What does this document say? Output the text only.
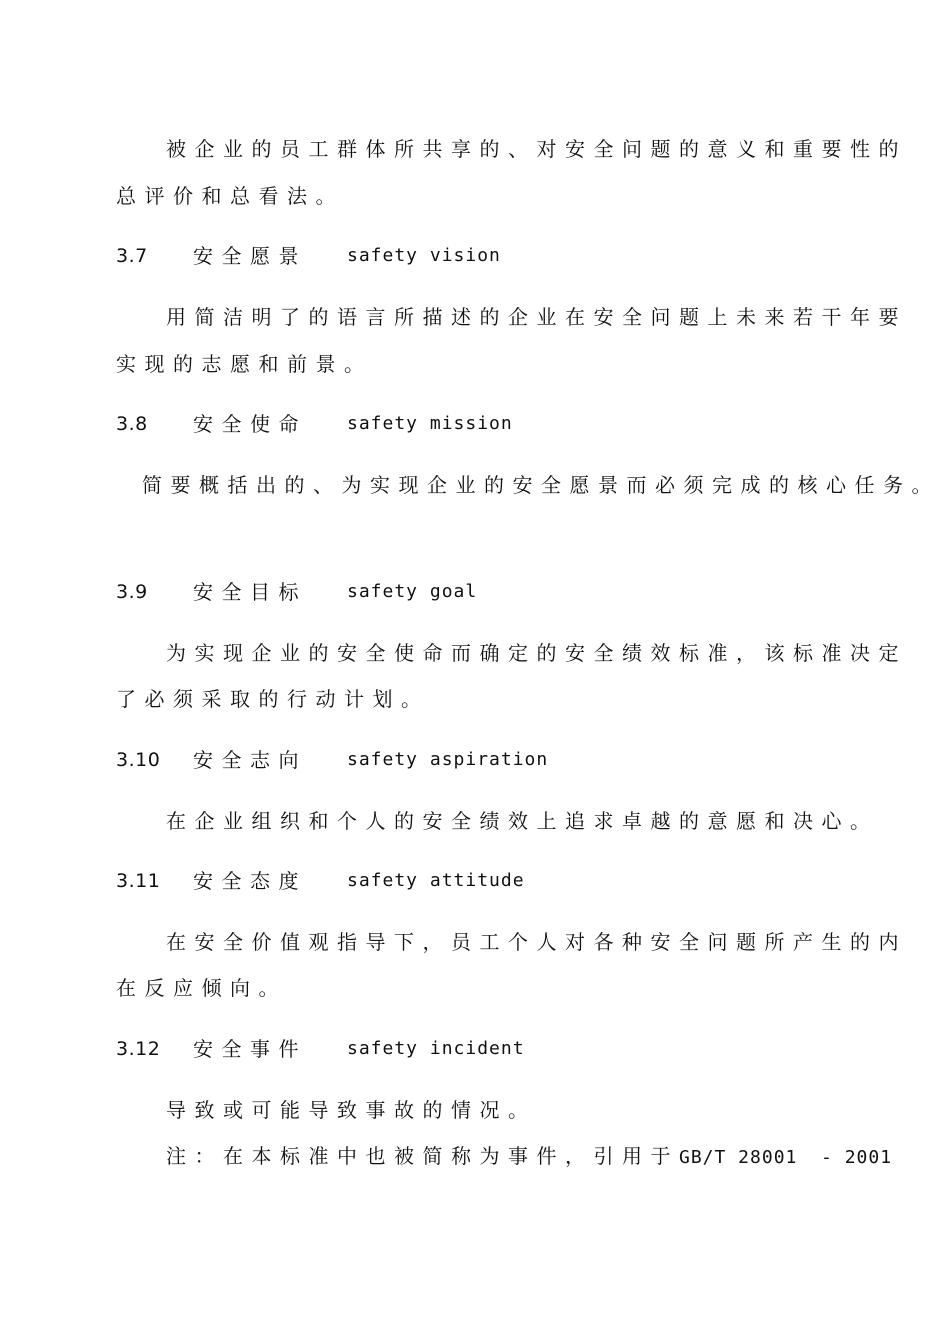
被企业的员工群体所共享的、对安全问题的意义和重要性的
总评价和总看法。
3.7 安全愿景 safety vision
用简洁明了的语言所描述的企业在安全问题上未来若干年要
实现的志愿和前景。
3.8 安全使命 safety mission
简要概括出的、为实现企业的安全愿景而必须完成的核心任务。
3.9 安全目标 safety goal
为实现企业的安全使命而确定的安全绩效标准，该标准决定
了必须采取的行动计划。
3.10 安全志向 safety aspiration
在企业组织和个人的安全绩效上追求卓越的意愿和决心。
3.11 安全态度 safety attitude
在安全价值观指导下，员工个人对各种安全问题所产生的内
在反应倾向。
3.12 安全事件 safety incident
导致或可能导致事故的情况。
注：在本标准中也被简称为事件，引用于GB/T 28001  - 2001
